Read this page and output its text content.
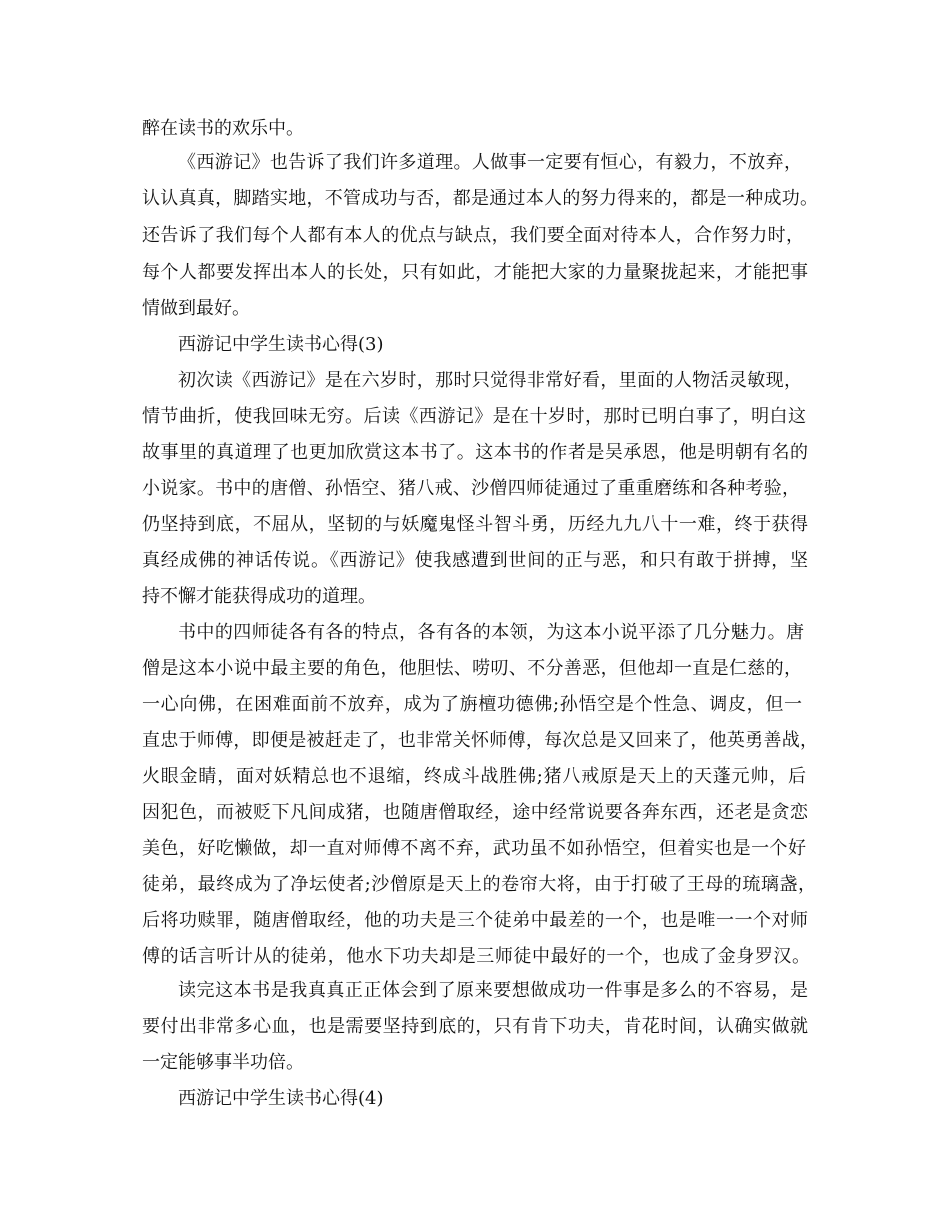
醉在读书的欢乐中。
《西游记》也告诉了我们许多道理。人做事一定要有恒心，有毅力，不放弃，
认认真真，脚踏实地，不管成功与否，都是通过本人的努力得来的，都是一种成功。
还告诉了我们每个人都有本人的优点与缺点，我们要全面对待本人，合作努力时，
每个人都要发挥出本人的长处，只有如此，才能把大家的力量聚拢起来，才能把事
情做到最好。
西游记中学生读书心得(3)
初次读《西游记》是在六岁时，那时只觉得非常好看，里面的人物活灵敏现，
情节曲折，使我回味无穷。后读《西游记》是在十岁时，那时已明白事了，明白这
故事里的真道理了也更加欣赏这本书了。这本书的作者是吴承恩，他是明朝有名的
小说家。书中的唐僧、孙悟空、猪八戒、沙僧四师徒通过了重重磨练和各种考验，
仍坚持到底，不屈从，坚韧的与妖魔鬼怪斗智斗勇，历经九九八十一难，终于获得
真经成佛的神话传说。《西游记》使我感遭到世间的正与恶，和只有敢于拼搏，坚
持不懈才能获得成功的道理。
书中的四师徒各有各的特点，各有各的本领，为这本小说平添了几分魅力。唐
僧是这本小说中最主要的角色，他胆怯、唠叨、不分善恶，但他却一直是仁慈的，
一心向佛，在困难面前不放弃，成为了旃檀功德佛;孙悟空是个性急、调皮，但一
直忠于师傅，即便是被赶走了，也非常关怀师傅，每次总是又回来了，他英勇善战，
火眼金睛，面对妖精总也不退缩，终成斗战胜佛;猪八戒原是天上的天蓬元帅，后
因犯色，而被贬下凡间成猪，也随唐僧取经，途中经常说要各奔东西，还老是贪恋
美色，好吃懒做，却一直对师傅不离不弃，武功虽不如孙悟空，但着实也是一个好
徒弟，最终成为了净坛使者;沙僧原是天上的卷帘大将，由于打破了王母的琉璃盏，
后将功赎罪，随唐僧取经，他的功夫是三个徒弟中最差的一个，也是唯一一个对师
傅的话言听计从的徒弟，他水下功夫却是三师徒中最好的一个，也成了金身罗汉。
读完这本书是我真真正正体会到了原来要想做成功一件事是多么的不容易，是
要付出非常多心血，也是需要坚持到底的，只有肯下功夫，肯花时间，认确实做就
一定能够事半功倍。
西游记中学生读书心得(4)
